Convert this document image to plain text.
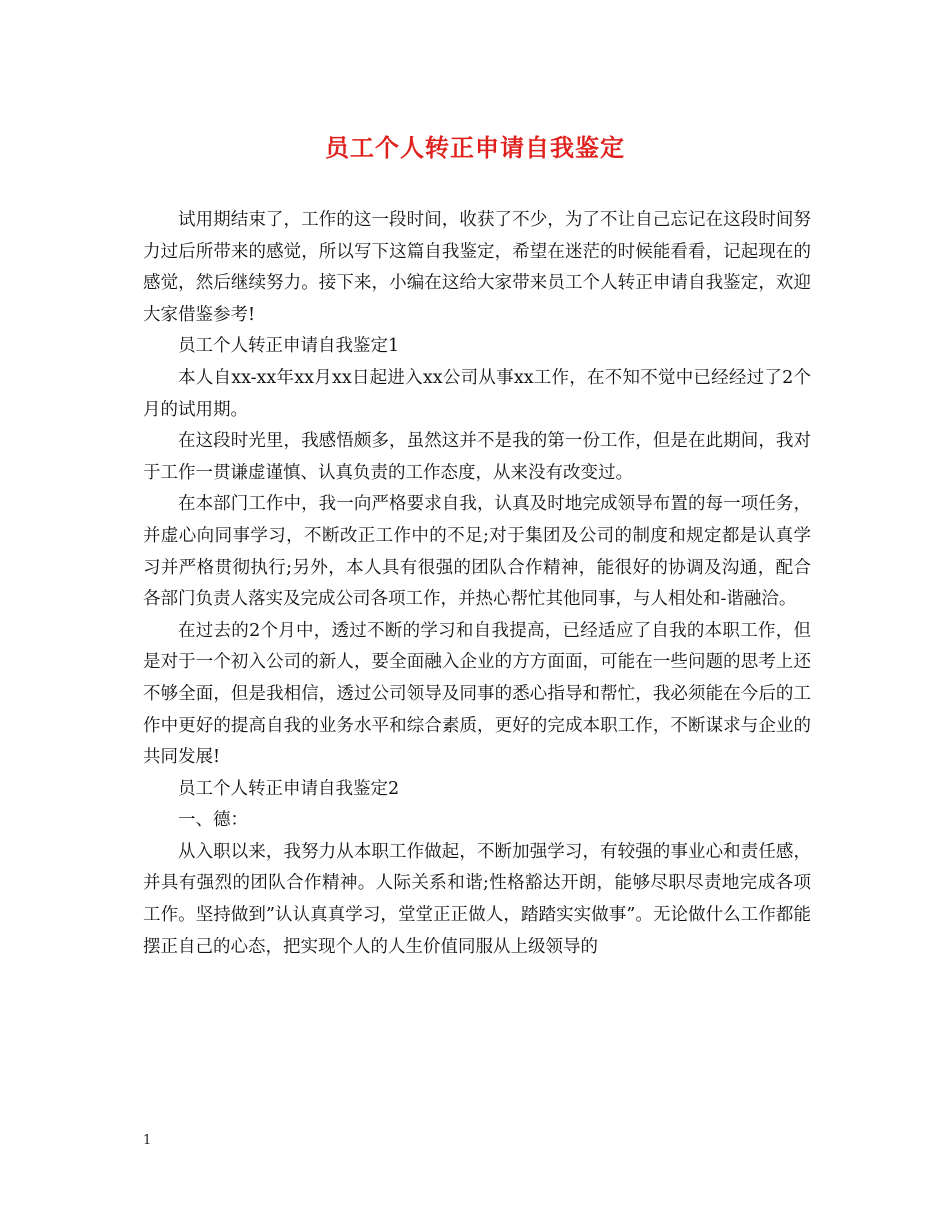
员工个人转正申请自我鉴定

试用期结束了，工作的这一段时间，收获了不少，为了不让自己忘记在这段时间努力过后所带来的感觉，所以写下这篇自我鉴定，希望在迷茫的时候能看看，记起现在的感觉，然后继续努力。接下来，小编在这给大家带来员工个人转正申请自我鉴定，欢迎大家借鉴参考!

员工个人转正申请自我鉴定1

本人自xx-xx年xx月xx日起进入xx公司从事xx工作，在不知不觉中已经经过了2个月的试用期。

在这段时光里，我感悟颇多，虽然这并不是我的第一份工作，但是在此期间，我对于工作一贯谦虚谨慎、认真负责的工作态度，从来没有改变过。

在本部门工作中，我一向严格要求自我，认真及时地完成领导布置的每一项任务，并虚心向同事学习，不断改正工作中的不足;对于集团及公司的制度和规定都是认真学习并严格贯彻执行;另外，本人具有很强的团队合作精神，能很好的协调及沟通，配合各部门负责人落实及完成公司各项工作，并热心帮忙其他同事，与人相处和-谐融洽。

在过去的2个月中，透过不断的学习和自我提高，已经适应了自我的本职工作，但是对于一个初入公司的新人，要全面融入企业的方方面面，可能在一些问题的思考上还不够全面，但是我相信，透过公司领导及同事的悉心指导和帮忙，我必须能在今后的工作中更好的提高自我的业务水平和综合素质，更好的完成本职工作，不断谋求与企业的共同发展!

员工个人转正申请自我鉴定2

一、德：

从入职以来，我努力从本职工作做起，不断加强学习，有较强的事业心和责任感，并具有强烈的团队合作精神。人际关系和谐;性格豁达开朗，能够尽职尽责地完成各项工作。坚持做到”认认真真学习，堂堂正正做人，踏踏实实做事”。无论做什么工作都能摆正自己的心态，把实现个人的人生价值同服从上级领导的

1
